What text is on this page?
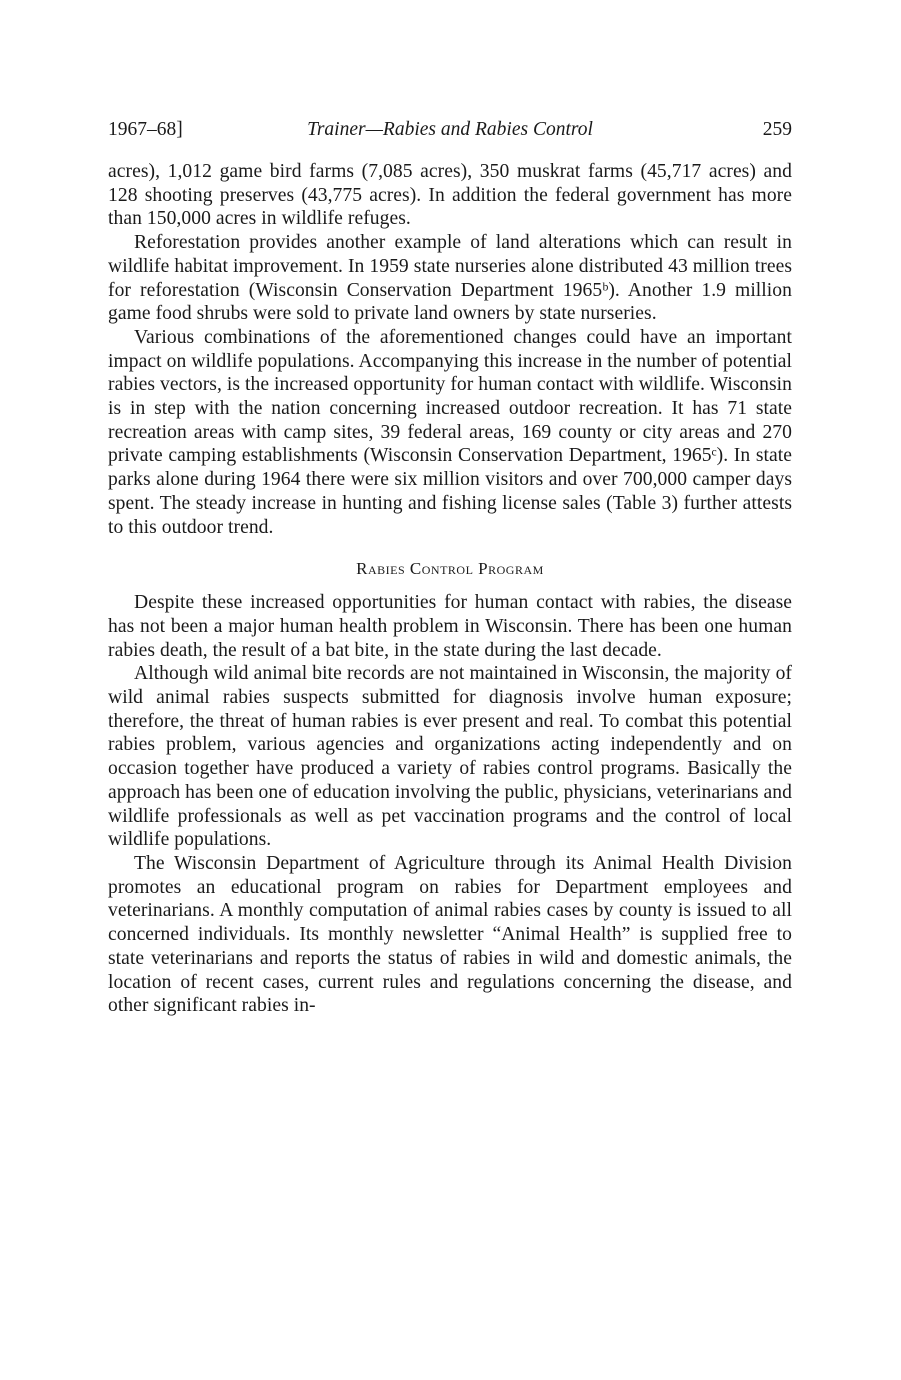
1967–68]	Trainer—Rabies and Rabies Control	259

acres), 1,012 game bird farms (7,085 acres), 350 muskrat farms (45,717 acres) and 128 shooting preserves (43,775 acres). In addition the federal government has more than 150,000 acres in wildlife refuges.

Reforestation provides another example of land alterations which can result in wildlife habitat improvement. In 1959 state nurseries alone distributed 43 million trees for reforestation (Wisconsin Conservation Department 1965ᵇ). Another 1.9 million game food shrubs were sold to private land owners by state nurseries.

Various combinations of the aforementioned changes could have an important impact on wildlife populations. Accompanying this increase in the number of potential rabies vectors, is the increased opportunity for human contact with wildlife. Wisconsin is in step with the nation concerning increased outdoor recreation. It has 71 state recreation areas with camp sites, 39 federal areas, 169 county or city areas and 270 private camping establishments (Wisconsin Conservation Department, 1965ᶜ). In state parks alone during 1964 there were six million visitors and over 700,000 camper days spent. The steady increase in hunting and fishing license sales (Table 3) further attests to this outdoor trend.

Rabies Control Program

Despite these increased opportunities for human contact with rabies, the disease has not been a major human health problem in Wisconsin. There has been one human rabies death, the result of a bat bite, in the state during the last decade.

Although wild animal bite records are not maintained in Wisconsin, the majority of wild animal rabies suspects submitted for diagnosis involve human exposure; therefore, the threat of human rabies is ever present and real. To combat this potential rabies problem, various agencies and organizations acting independently and on occasion together have produced a variety of rabies control programs. Basically the approach has been one of education involving the public, physicians, veterinarians and wildlife professionals as well as pet vaccination programs and the control of local wildlife populations.

The Wisconsin Department of Agriculture through its Animal Health Division promotes an educational program on rabies for Department employees and veterinarians. A monthly computation of animal rabies cases by county is issued to all concerned individuals. Its monthly newsletter “Animal Health” is supplied free to state veterinarians and reports the status of rabies in wild and domestic animals, the location of recent cases, current rules and regulations concerning the disease, and other significant rabies in-
